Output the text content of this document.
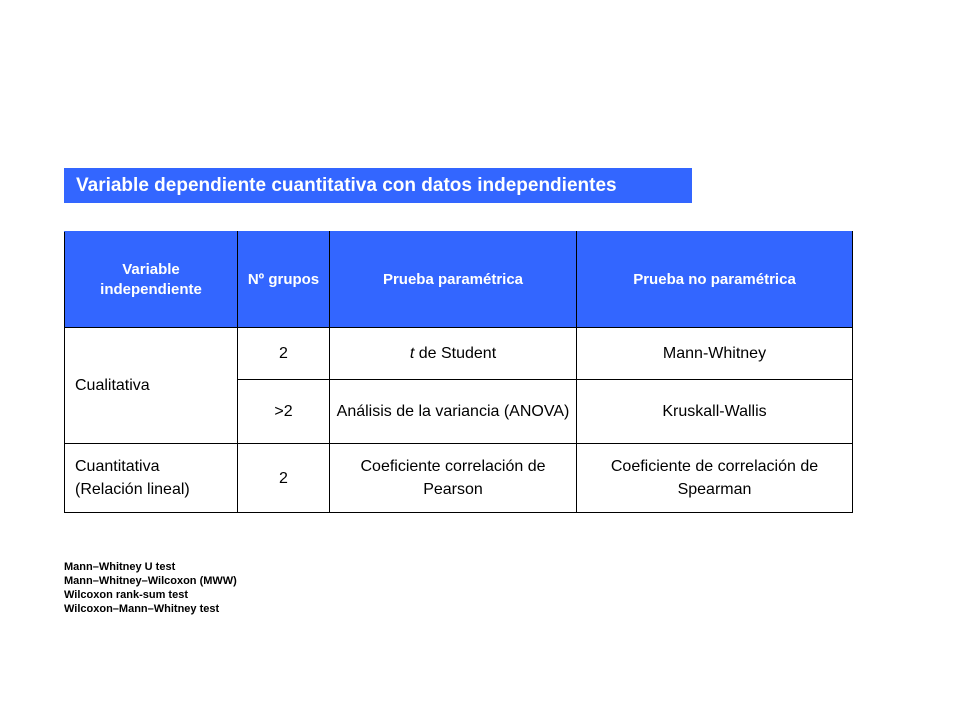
Variable dependiente cuantitativa con datos independientes
Variable independiente	Nº grupos	Prueba paramétrica	Prueba no paramétrica
Cualitativa	2	t de Student	Mann-Whitney
	>2	Análisis de la variancia (ANOVA)	Kruskall-Wallis
Cuantitativa (Relación lineal)	2	Coeficiente correlación de Pearson	Coeficiente de correlación de Spearman
Mann–Whitney U test
Mann–Whitney–Wilcoxon (MWW)
Wilcoxon rank-sum test
Wilcoxon–Mann–Whitney test
